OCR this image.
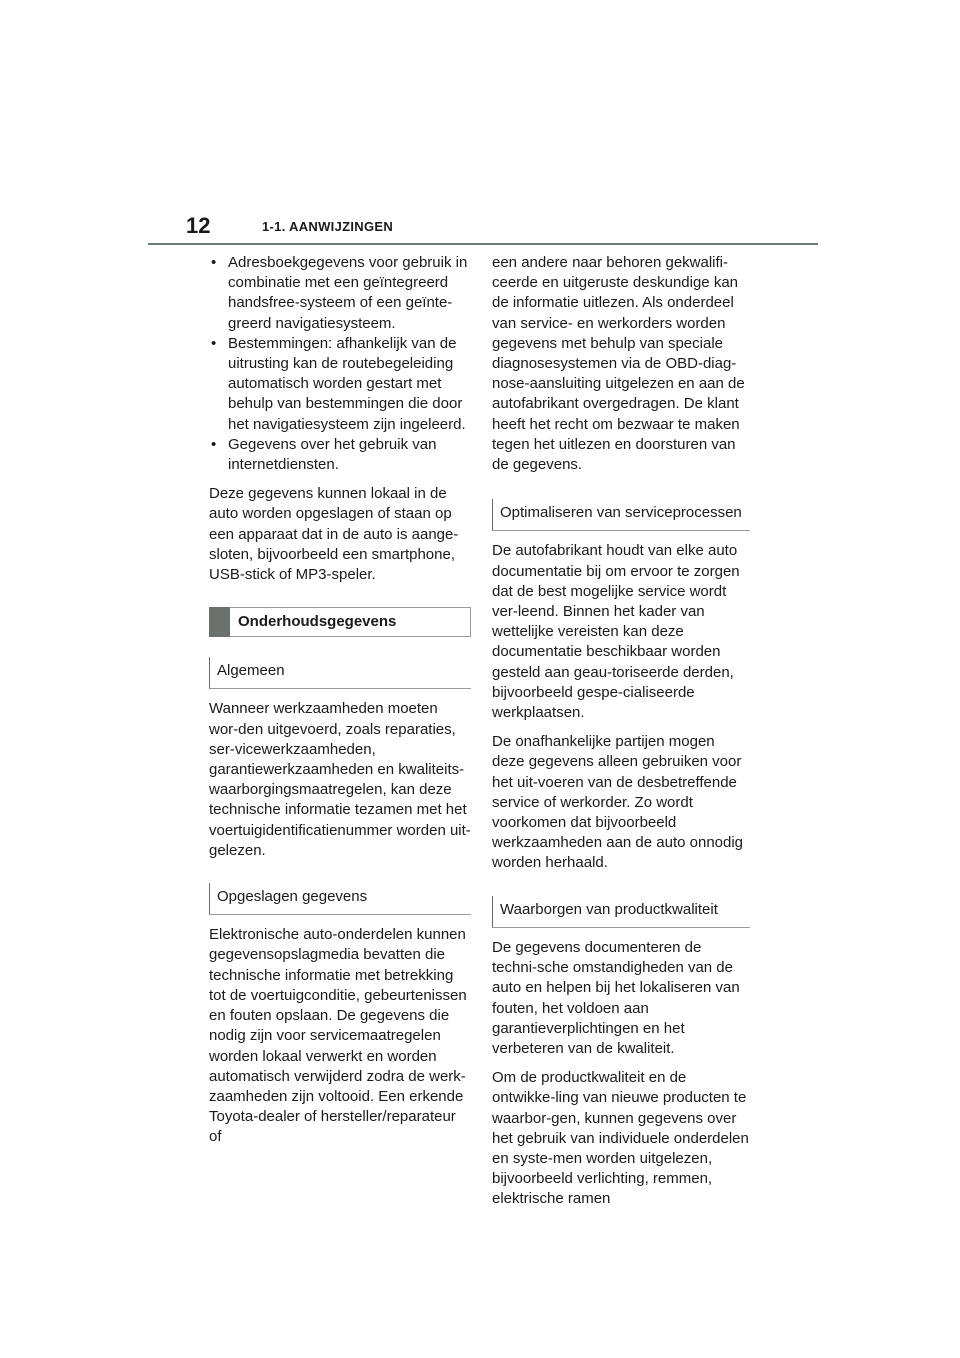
12	1-1. AANWIJZINGEN
• Adresboekgegevens voor gebruik in combinatie met een geïntegreerd handsfree-systeem of een geïnte-greerd navigatiesysteem.
• Bestemmingen: afhankelijk van de uitrusting kan de routebegeleiding automatisch worden gestart met behulp van bestemmingen die door het navigatiesysteem zijn ingeleerd.
• Gegevens over het gebruik van internetdiensten.

Deze gegevens kunnen lokaal in de auto worden opgeslagen of staan op een apparaat dat in de auto is aange-sloten, bijvoorbeeld een smartphone, USB-stick of MP3-speler.

Onderhoudsgegevens
Algemeen

Wanneer werkzaamheden moeten wor-den uitgevoerd, zoals reparaties, ser-vicewerkzaamheden, garantiewerkzaamheden en kwaliteits-waarborgingsmaatregelen, kan deze technische informatie tezamen met het voertuigidentificatienummer worden uit-gelezen.

Opgeslagen gegevens

Elektronische auto-onderdelen kunnen gegevensopslagmedia bevatten die technische informatie met betrekking tot de voertuigconditie, gebeurtenissen en fouten opslaan. De gegevens die nodig zijn voor servicemaatregelen worden lokaal verwerkt en worden automatisch verwijderd zodra de werk-zaamheden zijn voltooid. Een erkende Toyota-dealer of hersteller/reparateur of

een andere naar behoren gekwalifi-ceerde en uitgeruste deskundige kan de informatie uitlezen. Als onderdeel van service- en werkorders worden gegevens met behulp van speciale diagnosesystemen via de OBD-diag-nose-aansluiting uitgelezen en aan de autofabrikant overgedragen. De klant heeft het recht om bezwaar te maken tegen het uitlezen en doorsturen van de gegevens.

Optimaliseren van serviceprocessen

De autofabrikant houdt van elke auto documentatie bij om ervoor te zorgen dat de best mogelijke service wordt ver-leend. Binnen het kader van wettelijke vereisten kan deze documentatie beschikbaar worden gesteld aan geau-toriseerde derden, bijvoorbeeld gespe-cialiseerde werkplaatsen.

De onafhankelijke partijen mogen deze gegevens alleen gebruiken voor het uit-voeren van de desbetreffende service of werkorder. Zo wordt voorkomen dat bijvoorbeeld werkzaamheden aan de auto onnodig worden herhaald.

Waarborgen van productkwaliteit

De gegevens documenteren de techni-sche omstandigheden van de auto en helpen bij het lokaliseren van fouten, het voldoen aan garantieverplichtingen en het verbeteren van de kwaliteit.

Om de productkwaliteit en de ontwikke-ling van nieuwe producten te waarbor-gen, kunnen gegevens over het gebruik van individuele onderdelen en syste-men worden uitgelezen, bijvoorbeeld verlichting, remmen, elektrische ramen
